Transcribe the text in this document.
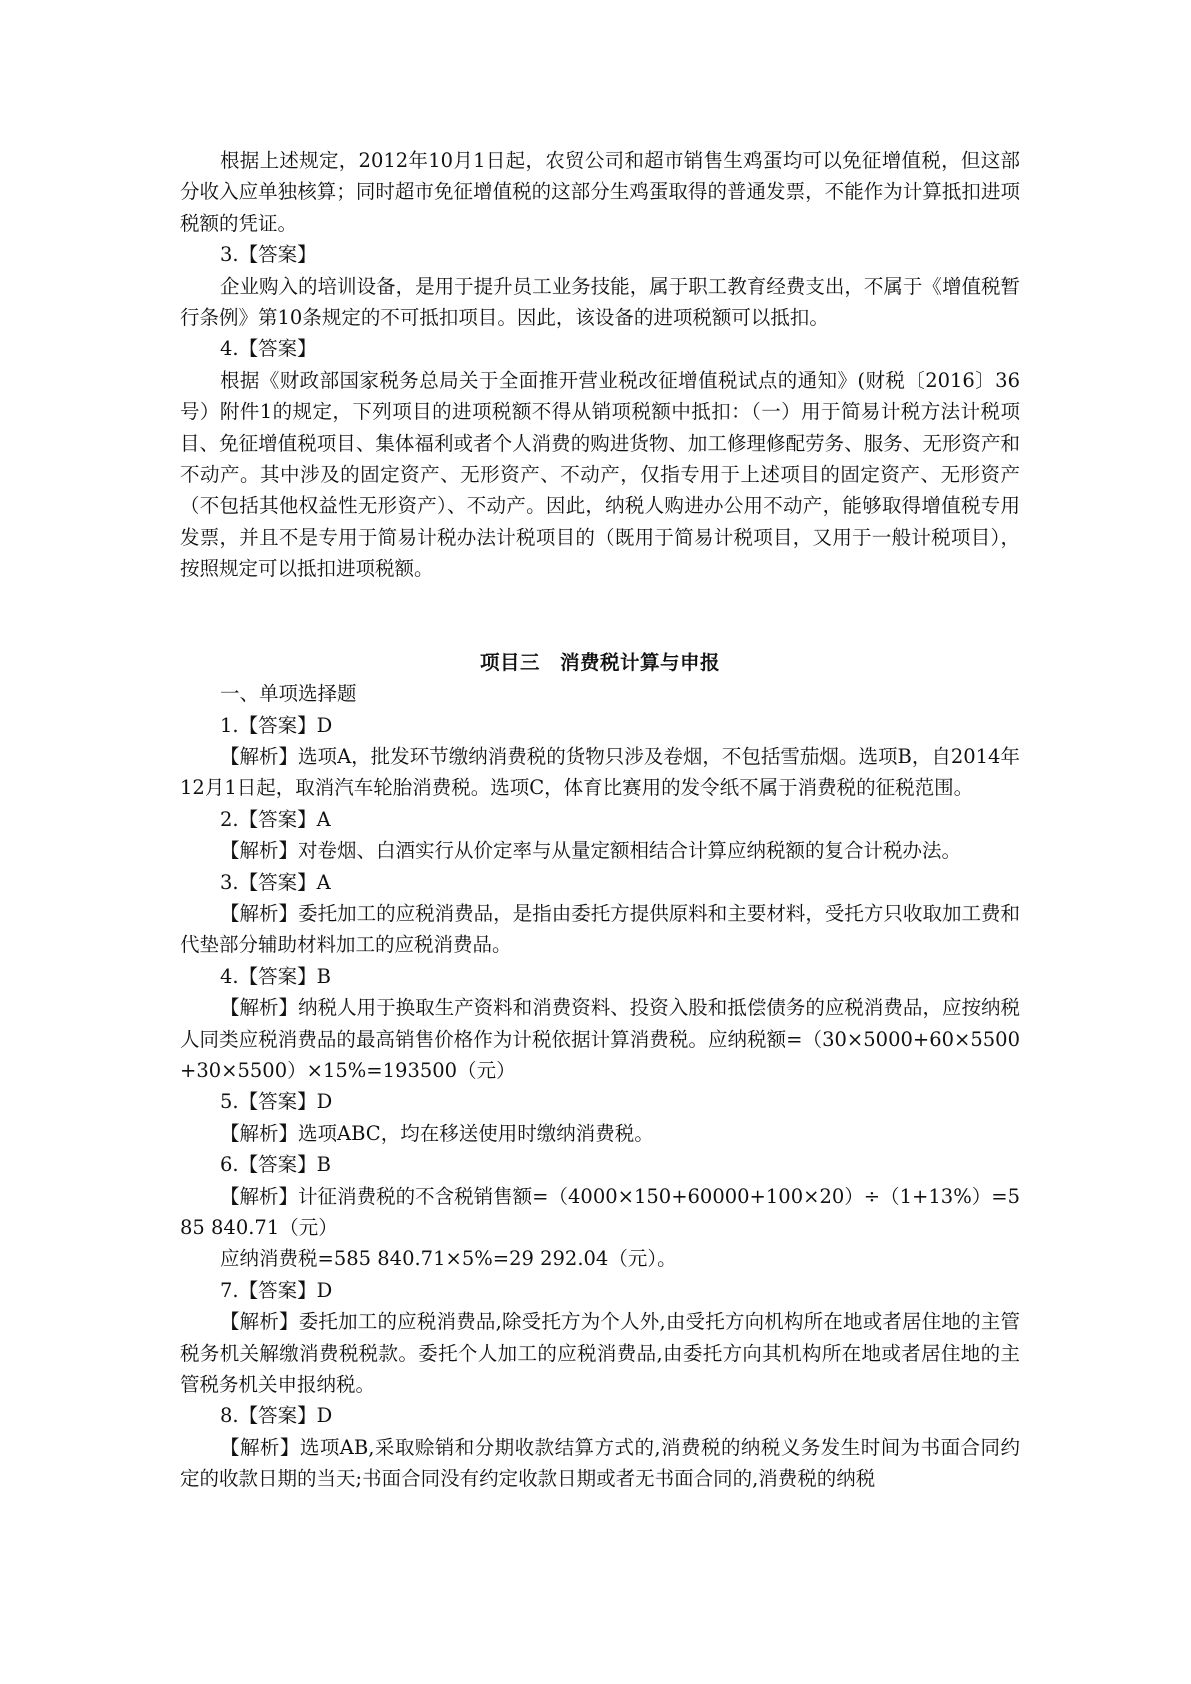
根据上述规定，2012年10月1日起，农贸公司和超市销售生鸡蛋均可以免征增值税，但这部分收入应单独核算；同时超市免征增值税的这部分生鸡蛋取得的普通发票，不能作为计算抵扣进项税额的凭证。

3.【答案】

企业购入的培训设备，是用于提升员工业务技能，属于职工教育经费支出，不属于《增值税暂行条例》第10条规定的不可抵扣项目。因此，该设备的进项税额可以抵扣。

4.【答案】

根据《财政部国家税务总局关于全面推开营业税改征增值税试点的通知》(财税〔2016〕36号）附件1的规定，下列项目的进项税额不得从销项税额中抵扣：（一）用于简易计税方法计税项目、免征增值税项目、集体福利或者个人消费的购进货物、加工修理修配劳务、服务、无形资产和不动产。其中涉及的固定资产、无形资产、不动产，仅指专用于上述项目的固定资产、无形资产（不包括其他权益性无形资产）、不动产。因此，纳税人购进办公用不动产，能够取得增值税专用发票，并且不是专用于简易计税办法计税项目的（既用于简易计税项目，又用于一般计税项目），按照规定可以抵扣进项税额。

项目三　消费税计算与申报

一、单项选择题

1.【答案】D

【解析】选项A，批发环节缴纳消费税的货物只涉及卷烟，不包括雪茄烟。选项B，自2014年12月1日起，取消汽车轮胎消费税。选项C，体育比赛用的发令纸不属于消费税的征税范围。

2.【答案】A

【解析】对卷烟、白酒实行从价定率与从量定额相结合计算应纳税额的复合计税办法。

3.【答案】A

【解析】委托加工的应税消费品，是指由委托方提供原料和主要材料，受托方只收取加工费和代垫部分辅助材料加工的应税消费品。

4.【答案】B

【解析】纳税人用于换取生产资料和消费资料、投资入股和抵偿债务的应税消费品，应按纳税人同类应税消费品的最高销售价格作为计税依据计算消费税。应纳税额=（30×5000+60×5500+30×5500）×15%=193500（元）

5.【答案】D

【解析】选项ABC，均在移送使用时缴纳消费税。

6.【答案】B

【解析】计征消费税的不含税销售额=（4000×150+60000+100×20）÷（1+13%）=585 840.71（元）

应纳消费税=585 840.71×5%=29 292.04（元）。

7.【答案】D

【解析】委托加工的应税消费品,除受托方为个人外,由受托方向机构所在地或者居住地的主管税务机关解缴消费税税款。委托个人加工的应税消费品,由委托方向其机构所在地或者居住地的主管税务机关申报纳税。

8.【答案】D

【解析】选项AB,采取赊销和分期收款结算方式的,消费税的纳税义务发生时间为书面合同约定的收款日期的当天;书面合同没有约定收款日期或者无书面合同的,消费税的纳税
